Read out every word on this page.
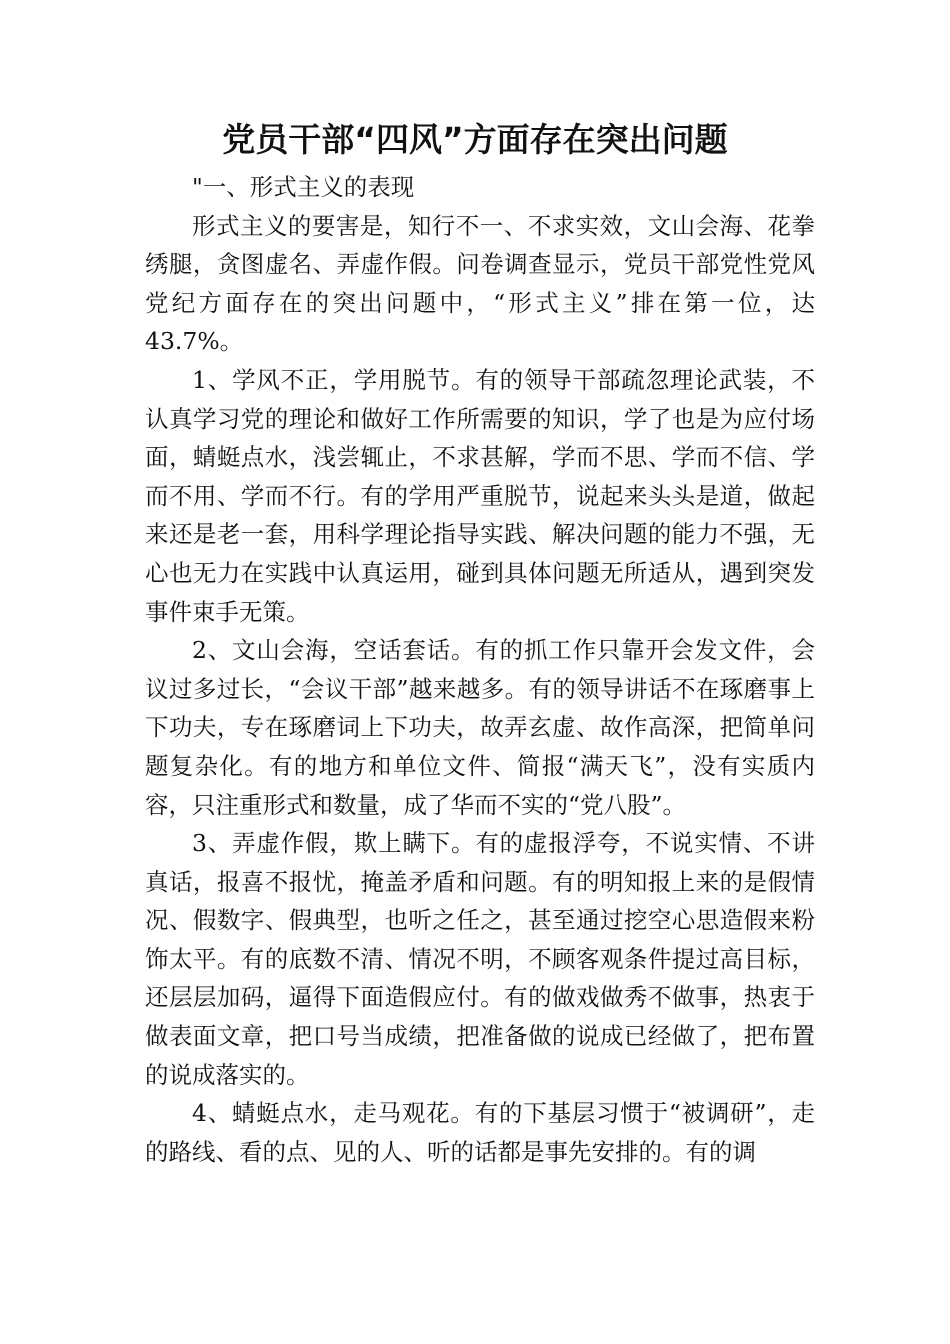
党员干部“四风”方面存在突出问题

"一、形式主义的表现

形式主义的要害是，知行不一、不求实效，文山会海、花拳绣腿，贪图虚名、弄虚作假。问卷调查显示，党员干部党性党风党纪方面存在的突出问题中，“形式主义”排在第一位，达43.7%。

1、学风不正，学用脱节。有的领导干部疏忽理论武装，不认真学习党的理论和做好工作所需要的知识，学了也是为应付场面，蜻蜓点水，浅尝辄止，不求甚解，学而不思、学而不信、学而不用、学而不行。有的学用严重脱节，说起来头头是道，做起来还是老一套，用科学理论指导实践、解决问题的能力不强，无心也无力在实践中认真运用，碰到具体问题无所适从，遇到突发事件束手无策。

2、文山会海，空话套话。有的抓工作只靠开会发文件，会议过多过长，“会议干部”越来越多。有的领导讲话不在琢磨事上下功夫，专在琢磨词上下功夫，故弄玄虚、故作高深，把简单问题复杂化。有的地方和单位文件、简报“满天飞”，没有实质内容，只注重形式和数量，成了华而不实的“党八股”。

3、弄虚作假，欺上瞒下。有的虚报浮夸，不说实情、不讲真话，报喜不报忧，掩盖矛盾和问题。有的明知报上来的是假情况、假数字、假典型，也听之任之，甚至通过挖空心思造假来粉饰太平。有的底数不清、情况不明，不顾客观条件提过高目标，还层层加码，逼得下面造假应付。有的做戏做秀不做事，热衷于做表面文章，把口号当成绩，把准备做的说成已经做了，把布置的说成落实的。

4、蜻蜓点水，走马观花。有的下基层习惯于“被调研”，走的路线、看的点、见的人、听的话都是事先安排的。有的调
